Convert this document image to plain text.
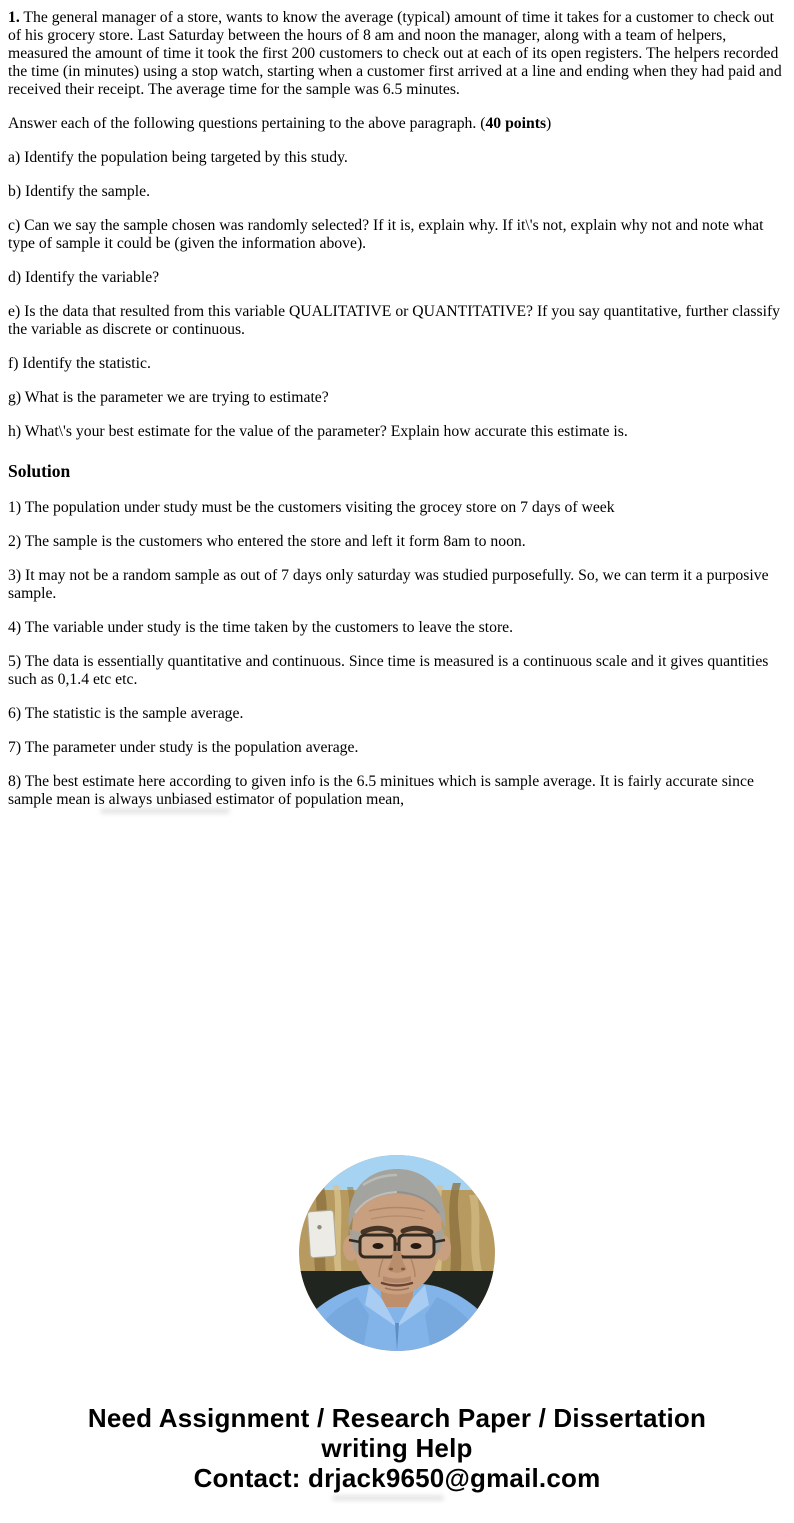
1. The general manager of a store, wants to know the average (typical) amount of time it takes for a customer to check out of his grocery store. Last Saturday between the hours of 8 am and noon the manager, along with a team of helpers, measured the amount of time it took the first 200 customers to check out at each of its open registers. The helpers recorded the time (in minutes) using a stop watch, starting when a customer first arrived at a line and ending when they had paid and received their receipt. The average time for the sample was 6.5 minutes.

Answer each of the following questions pertaining to the above paragraph. (40 points)

a) Identify the population being targeted by this study.

b) Identify the sample.

c) Can we say the sample chosen was randomly selected? If it is, explain why. If it\'s not, explain why not and note what type of sample it could be (given the information above).

d) Identify the variable?

e) Is the data that resulted from this variable QUALITATIVE or QUANTITATIVE? If you say quantitative, further classify the variable as discrete or continuous.

f) Identify the statistic.

g) What is the parameter we are trying to estimate?

h) What\'s your best estimate for the value of the parameter? Explain how accurate this estimate is.

Solution

1) The population under study must be the customers visiting the grocey store on 7 days of week

2) The sample is the customers who entered the store and left it form 8am to noon.

3) It may not be a random sample as out of 7 days only saturday was studied purposefully. So, we can term it a purposive sample.

4) The variable under study is the time taken by the customers to leave the store.

5) The data is essentially quantitative and continuous. Since time is measured is a continuous scale and it gives quantities such as 0,1.4 etc etc.

6) The statistic is the sample average.

7) The parameter under study is the population average.

8) The best estimate here according to given info is the 6.5 minitues which is sample average. It is fairly accurate since sample mean is always unbiased estimator of population mean,

Need Assignment / Research Paper / Dissertation
writing Help
Contact: drjack9650@gmail.com
